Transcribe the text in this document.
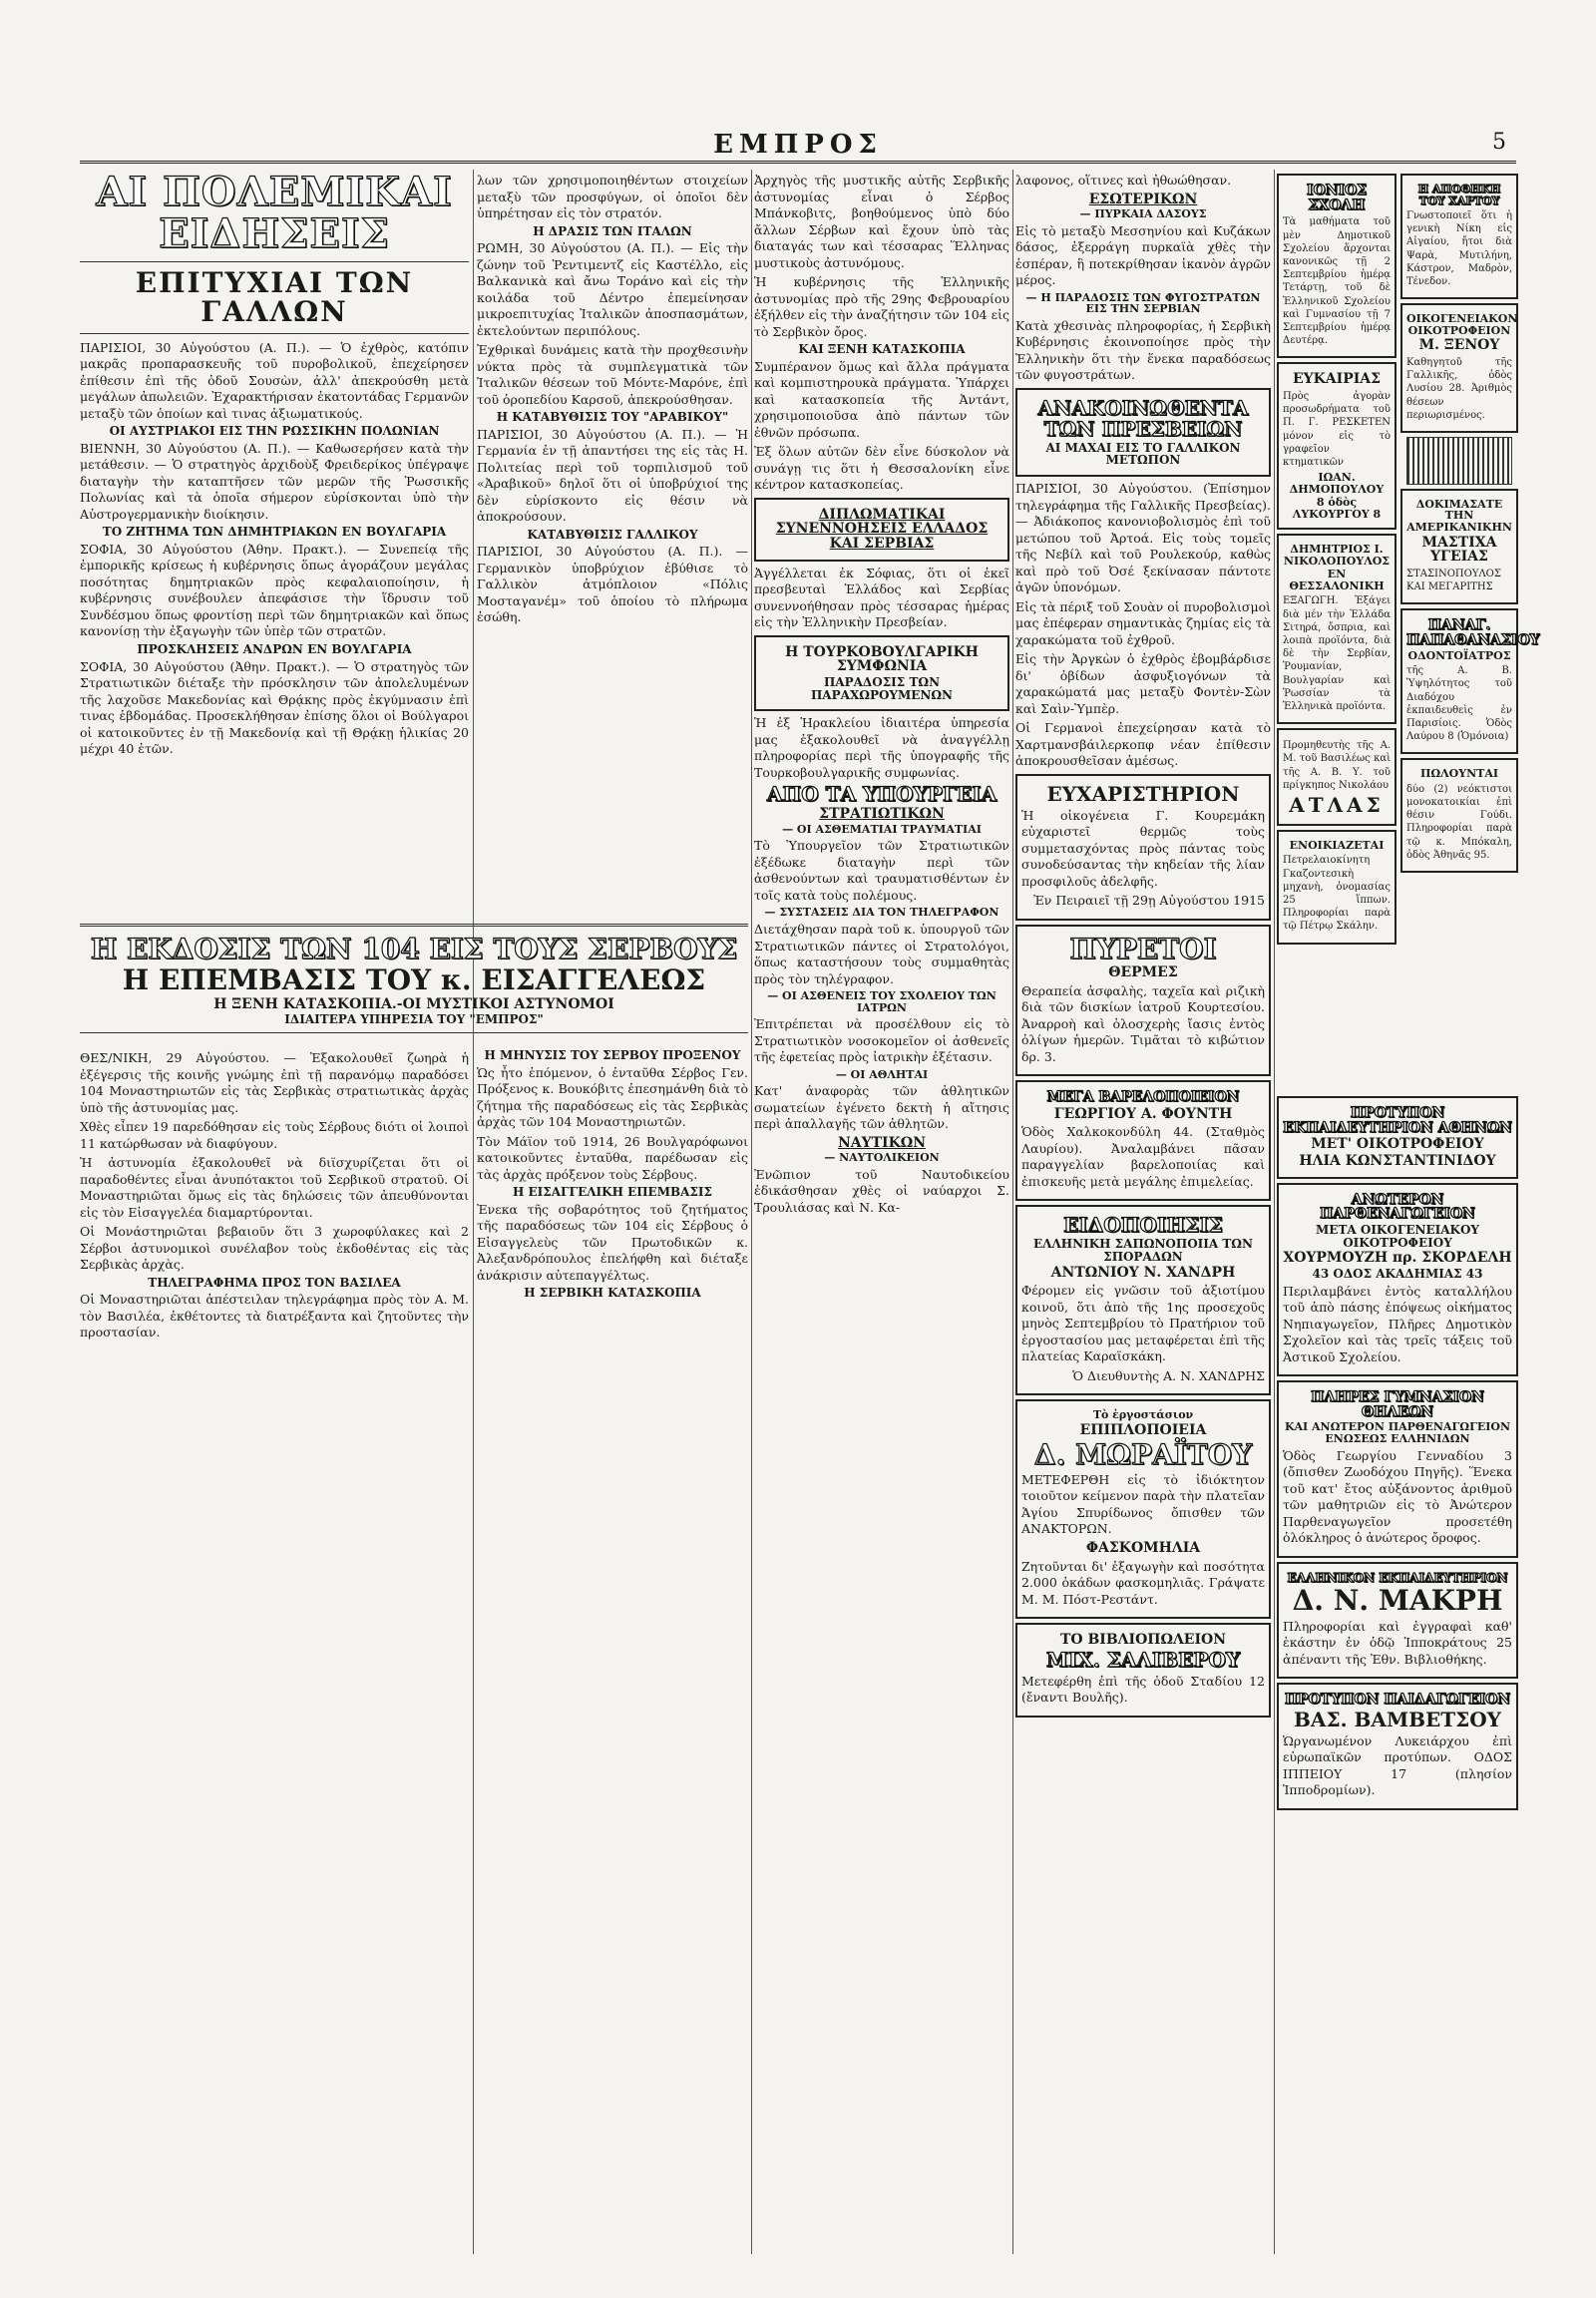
ΕΜΠΡΟΣ	5
ΑΙ ΠΟΛΕΜΙΚΑΙ ΕΙΔΗΣΕΙΣ
ΕΠΙΤΥΧΙΑΙ ΤΩΝ ΓΑΛΛΩΝ

ΠΑΡΙΣΙΟΙ, 30 Αὐγούστου (Α. Π.). — Ὁ ἐχθρὸς, κατόπιν μακρᾶς προπαρασκευῆς τοῦ πυροβολικοῦ, ἐπεχείρησεν ἐπίθεσιν ἐπὶ τῆς ὁδοῦ Σουσὼν, ἀλλ' ἀπεκρούσθη μετὰ μεγάλων ἀπωλειῶν. Ἐχαρακτήρισαν ἐκατοντάδας Γερμανῶν μεταξὺ τῶν ὁποίων καὶ τινας ἀξιωματικούς.

ΟΙ ΑΥΣΤΡΙΑΚΟΙ ΕΙΣ ΤΗΝ ΡΩΣΣΙΚΗΝ ΠΟΛΩΝΙΑΝ

ΒΙΕΝΝΗ, 30 Αὐγούστου (Α. Π.). — Καθωσερήσεν κατὰ τὴν μετάθεσιν. — Ὁ στρατηγὸς ἀρχιδοὺξ Φρειδερίκος ὑπέγραψε διαταγὴν τὴν καταπτῆσεν τῶν μερῶν τῆς Ῥωσσικῆς Πολωνίας καὶ τὰ ὁποῖα σήμερον εὑρίσκονται ὑπὸ τὴν Αὐστρογερμανικὴν διοίκησιν.

ΤΟ ΖΗΤΗΜΑ ΤΩΝ ΔΗΜΗΤΡΙΑΚΩΝ ΕΝ ΒΟΥΛΓΑΡΙΑ

ΣΟΦΙΑ, 30 Αὐγούστου (Ἀθην. Πρακτ.). — Συνεπείᾳ τῆς ἐμπορικῆς κρίσεως ἡ κυβέρνησις ὅπως ἀγοράζουν μεγάλας ποσότητας δημητριακῶν πρὸς κεφαλαιοποίησιν, ἡ κυβέρνησις συνέβουλεν ἀπεφάσισε τὴν ἵδρυσιν τοῦ Συνδέσμου ὅπως φροντίσῃ περὶ τῶν δημητριακῶν καὶ ὅπως κανονίσῃ τὴν ἐξαγωγὴν τῶν ὑπὲρ τῶν στρατῶν.

ΠΡΟΣΚΛΗΣΕΙΣ ΑΝΔΡΩΝ ΕΝ ΒΟΥΛΓΑΡΙΑ

ΣΟΦΙΑ, 30 Αὐγούστου (Ἀθην. Πρακτ.). — Ὁ στρατηγὸς τῶν Στρατιωτικῶν διέταξε τὴν πρόσκλησιν τῶν ἀπολελυμένων τῆς λαχοῦσε Μακεδονίας καὶ Θρᾴκης πρὸς ἐκγύμνασιν ἐπὶ τινας ἑβδομάδας. Προσεκλήθησαν ἐπίσης ὅλοι οἱ Βούλγαροι οἱ κατοικοῦντες ἐν τῇ Μακεδονίᾳ καὶ τῇ Θρᾴκῃ ἡλικίας 20 μέχρι 40 ἐτῶν.

λων τῶν χρησιμοποιηθέντων στοιχείων μεταξὺ τῶν προσφύγων, οἱ ὁποῖοι δὲν ὑπηρέτησαν εἰς τὸν στρατόν.

Η ΔΡΑΣΙΣ ΤΩΝ ΙΤΑΛΩΝ

ΡΩΜΗ, 30 Αὐγούστου (Α. Π.). — Εἰς τὴν ζώνην τοῦ Ῥεντιμεντζ εἰς Καστέλλο, εἰς Βαλκανικὰ καὶ ἄνω Τοράνο καὶ εἰς τὴν κοιλάδα τοῦ Δέντρο ἐπεμείνησαν μικροεπιτυχίας Ἰταλικῶν ἀποσπασμάτων, ἐκτελούντων περιπόλους.

Ἐχθρικαὶ δυνάμεις κατὰ τὴν προχθεσινὴν νύκτα πρὸς τὰ συμπλεγματικὰ τῶν Ἰταλικῶν θέσεων τοῦ Μόντε-Μαρόνε, ἐπὶ τοῦ ὁροπεδίου Καρσοῦ, ἀπεκρούσθησαν.

Η ΚΑΤΑΒΥΘΙΣΙΣ ΤΟΥ "ΑΡΑΒΙΚΟΥ"

ΠΑΡΙΣΙΟΙ, 30 Αὐγούστου (Α. Π.). — Ἡ Γερμανία ἐν τῇ ἀπαντήσει της εἰς τὰς Η. Πολιτείας περὶ τοῦ τορπιλισμοῦ τοῦ «Ἀραβικοῦ» δηλοῖ ὅτι οἱ ὑποβρύχιοί της δὲν εὑρίσκοντο εἰς θέσιν νὰ ἀποκρούσουν.

ΚΑΤΑΒΥΘΙΣΙΣ ΓΑΛΛΙΚΟΥ

ΠΑΡΙΣΙΟΙ, 30 Αὐγούστου (Α. Π.). — Γερμανικὸν ὑποβρύχιον ἐβύθισε τὸ Γαλλικὸν ἀτμόπλοιον «Πόλις Μοσταγανέμ» τοῦ ὁποίου τὸ πλήρωμα ἐσώθη.

Η ΕΚΔΟΣΙΣ ΤΩΝ 104 ΕΙΣ ΤΟΥΣ ΣΕΡΒΟΥΣ
Η ΕΠΕΜΒΑΣΙΣ ΤΟΥ κ. ΕΙΣΑΓΓΕΛΕΩΣ
Η ΞΕΝΗ ΚΑΤΑΣΚΟΠΙΑ.-ΟΙ ΜΥΣΤΙΚΟΙ ΑΣΤΥΝΟΜΟΙ
ΙΔΙΑΙΤΕΡΑ ΥΠΗΡΕΣΙΑ ΤΟΥ "ΕΜΠΡΟΣ"

ΘΕΣ/ΝΙΚΗ, 29 Αὐγούστου. — Ἐξακολουθεῖ ζωηρὰ ἡ ἐξέγερσις τῆς κοινῆς γνώμης ἐπὶ τῇ παρανόμῳ παραδόσει 104 Μοναστηριωτῶν εἰς τὰς Σερβικὰς στρατιωτικὰς ἀρχὰς ὑπὸ τῆς ἀστυνομίας μας.

Χθὲς εἶπεν 19 παρεδόθησαν εἰς τοὺς Σέρβους διότι οἱ λοιποὶ 11 κατώρθωσαν νὰ διαφύγουν.

Ἡ ἀστυνομία ἐξακολουθεῖ νὰ διϊσχυρίζεται ὅτι οἱ παραδοθέντες εἶναι ἀνυπότακτοι τοῦ Σερβικοῦ στρατοῦ. Οἱ Μοναστηριῶται ὅμως εἰς τὰς δηλώσεις τῶν ἀπευθύνονται εἰς τὸν Εἰσαγγελέα διαμαρτύρονται.

Οἱ Μονάστηριῶται βεβαιοῦν ὅτι 3 χωροφύλακες καὶ 2 Σέρβοι ἀστυνομικοὶ συνέλαβον τοὺς ἐκδοθέντας εἰς τὰς Σερβικὰς ἀρχὰς.

ΤΗΛΕΓΡΑΦΗΜΑ ΠΡΟΣ ΤΟΝ ΒΑΣΙΛΕΑ

Οἱ Μοναστηριῶται ἀπέστειλαν τηλεγράφημα πρὸς τὸν Α. Μ. τὸν Βασιλέα, ἐκθέτοντες τὰ διατρέξαντα καὶ ζητοῦντες τὴν προστασίαν.

Η ΜΗΝΥΣΙΣ ΤΟΥ ΣΕΡΒΟΥ ΠΡΟΞΕΝΟΥ

Ὡς ἦτο ἑπόμενον, ὁ ἐνταῦθα Σέρβος Γεν. Πρόξενος κ. Βουκόβιτς ἐπεσημάνθη διὰ τὸ ζήτημα τῆς παραδόσεως εἰς τὰς Σερβικὰς ἀρχὰς τῶν 104 Μοναστηριωτῶν.

Τὸν Μάϊον τοῦ 1914, 26 Βουλγαρόφωνοι κατοικοῦντες ἐνταῦθα, παρέδωσαν εἰς τὰς ἀρχὰς πρόξενον τοὺς Σέρβους.

Η ΕΙΣΑΓΓΕΛΙΚΗ ΕΠΕΜΒΑΣΙΣ

Ἐνεκα τῆς σοβαρότητος τοῦ ζητήματος τῆς παραδόσεως τῶν 104 εἰς Σέρβους ὁ Εἰσαγγελεὺς τῶν Πρωτοδικῶν κ. Ἀλεξανδρόπουλος ἐπελήφθη καὶ διέταξε ἀνάκρισιν αὐτεπαγγέλτως.

Η ΣΕΡΒΙΚΗ ΚΑΤΑΣΚΟΠΙΑ

Ἀρχηγὸς τῆς μυστικῆς αὐτῆς Σερβικῆς ἀστυνομίας εἶναι ὁ Σέρβος Μπάνκοβιτς, βοηθούμενος ὑπὸ δύο ἄλλων Σέρβων καὶ ἔχουν ὑπὸ τὰς διαταγάς των καὶ τέσσαρας Ἕλληνας μυστικοὺς ἀστυνόμους.

Ἡ κυβέρνησις τῆς Ἑλληνικῆς ἀστυνομίας πρὸ τῆς 29ης Φεβρουαρίου ἐξήλθεν εἰς τὴν ἀναζήτησιν τῶν 104 εἰς τὸ Σερβικὸν ὄρος.

ΚΑΙ ΞΕΝΗ ΚΑΤΑΣΚΟΠΙΑ

Συμπέρανον ὅμως καὶ ἄλλα πράγματα καὶ κομπιστηρουκὰ πράγματα. Ὑπάρχει καὶ κατασκοπεία τῆς Ἀντάντ, χρησιμοποιοῦσα ἀπὸ πάντων τῶν ἐθνῶν πρόσωπα.

Ἐξ ὅλων αὐτῶν δὲν εἶνε δύσκολον νὰ συνάγῃ τις ὅτι ἡ Θεσσαλονίκη εἶνε κέντρον κατασκοπείας.

ΔΙΠΛΩΜΑΤΙΚΑΙ ΣΥΝΕΝΝΟΗΣΕΙΣ ΕΛΛΑΔΟΣ ΚΑΙ ΣΕΡΒΙΑΣ

Ἀγγέλλεται ἐκ Σόφιας, ὅτι οἱ ἐκεῖ πρεσβευταὶ Ἑλλάδος καὶ Σερβίας συνεννοήθησαν πρὸς τέσσαρας ἡμέρας εἰς τὴν Ἑλληνικὴν Πρεσβείαν.

Η ΤΟΥΡΚΟΒΟΥΛΓΑΡΙΚΗ ΣΥΜΦΩΝΙΑ
ΠΑΡΑΔΟΣΙΣ ΤΩΝ ΠΑΡΑΧΩΡΟΥΜΕΝΩΝ

Ἡ ἐξ Ἡρακλείου ἰδιαιτέρα ὑπηρεσία μας ἐξακολουθεῖ νὰ ἀναγγέλλῃ πληροφορίας περὶ τῆς ὑπογραφῆς τῆς Τουρκοβουλγαρικῆς συμφωνίας.

ΑΠΟ ΤΑ ΥΠΟΥΡΓΕΙΑ
ΣΤΡΑΤΙΩΤΙΚΩΝ
— ΟΙ ΑΣΘΕΜΑΤΙΑΙ ΤΡΑΥΜΑΤΙΑΙ

Τὸ Ὑπουργεῖον τῶν Στρατιωτικῶν ἐξέδωκε διαταγὴν περὶ τῶν ἀσθενούντων καὶ τραυματισθέντων ἐν τοῖς κατὰ τοὺς πολέμους.

— ΣΥΣΤΑΣΕΙΣ ΔΙΑ ΤΟΝ ΤΗΛΕΓΡΑΦΟΝ

Διετάχθησαν παρὰ τοῦ κ. ὑπουργοῦ τῶν Στρατιωτικῶν πάντες οἱ Στρατολόγοι, ὅπως καταστήσουν τοὺς συμμαθητὰς πρὸς τὸν τηλέγραφον.

— ΟΙ ΑΣΘΕΝΕΙΣ ΤΟΥ ΣΧΟΛΕΙΟΥ ΤΩΝ ΙΑΤΡΩΝ

Ἐπιτρέπεται νὰ προσέλθουν εἰς τὸ Στρατιωτικὸν νοσοκομεῖον οἱ ἀσθενεῖς τῆς ἐφετείας πρὸς ἰατρικὴν ἐξέτασιν.

— ΟΙ ΑΘΛΗΤΑΙ

Κατ' ἀναφορὰς τῶν ἀθλητικῶν σωματείων ἐγένετο δεκτὴ ἡ αἴτησις περὶ ἀπαλλαγῆς τῶν ἀθλητῶν.

ΝΑΥΤΙΚΩΝ
— ΝΑΥΤΟΛΙΚΕΙΟΝ

Ἐνῶπιον τοῦ Ναυτοδικείου ἐδικάσθησαν χθὲς οἱ ναύαρχοι Σ. Τρουλιάσας καὶ Ν. Κα-

λαφονος, οἵτινες καὶ ἠθωώθησαν.

ΕΣΩΤΕΡΙΚΩΝ
— ΠΥΡΚΑΙΑ ΔΑΣΟΥΣ

Εἰς τὸ μεταξὺ Μεσσηνίου καὶ Κυζάκων δάσος, ἐξερράγη πυρκαϊὰ χθὲς τὴν ἑσπέραν, ἣ ποτεκρίθησαν ἱκανὸν ἀγρῶν μέρος.

— Η ΠΑΡΑΔΟΣΙΣ ΤΩΝ ΦΥΓΟΣΤΡΑΤΩΝ ΕΙΣ ΤΗΝ ΣΕΡΒΙΑΝ

Κατὰ χθεσινὰς πληροφορίας, ἡ Σερβικὴ Κυβέρνησις ἐκοινοποίησε πρὸς τὴν Ἑλληνικὴν ὅτι τὴν ἕνεκα παραδόσεως τῶν φυγοστράτων.

ΑΝΑΚΟΙΝΩΘΕΝΤΑ ΤΩΝ ΠΡΕΣΒΕΙΩΝ
ΑΙ ΜΑΧΑΙ ΕΙΣ ΤΟ ΓΑΛΛΙΚΟΝ ΜΕΤΩΠΟΝ

ΠΑΡΙΣΙΟΙ, 30 Αὐγούστου. (Ἐπίσημον τηλεγράφημα τῆς Γαλλικῆς Πρεσβείας). — Ἀδιάκοπος κανονιοβολισμὸς ἐπὶ τοῦ μετώπου τοῦ Ἀρτοά. Εἰς τοὺς τομεῖς τῆς Νεβίλ καὶ τοῦ Ρουλεκούρ, καθὼς καὶ πρὸ τοῦ Ὀσέ ξεκίνασαν πάντοτε ἀγῶν ὑπονόμων.

Εἰς τὰ πέριξ τοῦ Σουὰν οἱ πυροβολισμοὶ μας ἐπέφεραν σημαντικὰς ζημίας εἰς τὰ χαρακώματα τοῦ ἐχθροῦ.

Εἰς τὴν Ἀργκὼν ὁ ἐχθρὸς ἐβομβάρδισε δι' ὀβίδων ἀσφυξιογόνων τὰ χαρακώματά μας μεταξὺ Φοντὲν-Σὼν καὶ Σαὶν-Ὑμπὲρ.

Οἱ Γερμανοὶ ἐπεχείρησαν κατὰ τὸ Χαρτμανσβάιλερκοπφ νέαν ἐπίθεσιν ἀποκρουσθεῖσαν ἀμέσως.

ΕΥΧΑΡΙΣΤΗΡΙΟΝ

Ἡ οἰκογένεια Γ. Κουρεμάκη εὐχαριστεῖ θερμῶς τοὺς συμμετασχόντας πρὸς πάντας τοὺς συνοδεύσαντας τὴν κηδείαν τῆς λίαν προσφιλοῦς ἀδελφῆς.

Ἐν Πειραιεῖ τῇ 29ῃ Αὐγούστου 1915

ΠΥΡΕΤΟΙ
ΘΕΡΜΕΣ

Θεραπεία ἀσφαλὴς, ταχεῖα καὶ ριζικὴ διὰ τῶν δισκίων ἰατροῦ Κουρτεσίου. Ἀναρροὴ καὶ ὁλοσχερὴς ἴασις ἐντὸς ὀλίγων ἡμερῶν. Τιμᾶται τὸ κιβώτιον δρ. 3.

ΜΕΓΑ ΒΑΡΕΛΟΠΟΙΕΙΟΝ
ΓΕΩΡΓΙΟΥ Α. ΦΟΥΝΤΗ

Ὁδὸς Χαλκοκονδύλη 44. (Σταθμὸς Λαυρίου). Ἀναλαμβάνει πᾶσαν παραγγελίαν βαρελοποιίας καὶ ἐπισκευῆς μετὰ μεγάλης ἐπιμελείας.

ΕΙΔΟΠΟΙΗΣΙΣ
ΕΛΛΗΝΙΚΗ ΣΑΠΩΝΟΠΟΙΙΑ ΤΩΝ ΣΠΟΡΑΔΩΝ
ΑΝΤΩΝΙΟΥ Ν. ΧΑΝΔΡΗ

Φέρομεν εἰς γνῶσιν τοῦ ἀξιοτίμου κοινοῦ, ὅτι ἀπὸ τῆς 1ης προσεχοῦς μηνὸς Σεπτεμβρίου τὸ Πρατήριον τοῦ ἐργοστασίου μας μεταφέρεται ἐπὶ τῆς πλατείας Καραϊσκάκη.

Ὁ Διευθυντὴς Α. Ν. ΧΑΝΔΡΗΣ

Τὸ ἐργοστάσιον
ΕΠΙΠΛΟΠΟΙΕΙΑ
Δ. ΜΩΡΑΪΤΟΥ

ΜΕΤΕΦΕΡΘΗ εἰς τὸ ἰδιόκτητον τοιοῦτον κείμενον παρὰ τὴν πλατεῖαν Ἁγίου Σπυρίδωνος ὄπισθεν τῶν ΑΝΑΚΤΟΡΩΝ.

ΦΑΣΚΟΜΗΛΙΑ

Ζητοῦνται δι' ἐξαγωγὴν καὶ ποσότητα 2.000 ὀκάδων φασκομηλιᾶς. Γράψατε Μ. Μ. Πόστ-Ρεστάντ.

ΤΟ ΒΙΒΛΙΟΠΩΛΕΙΟΝ
ΜΙΧ. ΣΑΛΙΒΕΡΟΥ

Μετεφέρθη ἐπὶ τῆς ὁδοῦ Σταδίου 12 (ἔναντι Βουλῆς).

ΙΟΝΙΟΣ ΣΧΟΛΗ

Τὰ μαθήματα τοῦ μὲν Δημοτικοῦ Σχολείου ἄρχονται κανονικῶς τῇ 2 Σεπτεμβρίου ἡμέρᾳ Τετάρτῃ, τοῦ δὲ Ἑλληνικοῦ Σχολείου καὶ Γυμνασίου τῇ 7 Σεπτεμβρίου ἡμέρᾳ Δευτέρᾳ.

ΕΥΚΑΙΡΙΑΣ

Πρὸς ἀγορὰν προσωδρήματα τοῦ Π. Γ. ΡΕΣΚΕΤΕΝ μόνον εἰς τὸ γραφεῖον κτηματικῶν

ΙΩΑΝ. ΔΗΜΟΠΟΥΛΟΥ
8 ὁδὸς ΛΥΚΟΥΡΓΟΥ 8
ΔΗΜΗΤΡΙΟΣ Ι. ΝΙΚΟΛΟΠΟΥΛΟΣ
ΕΝ ΘΕΣΣΑΛΟΝΙΚΗ

ΕΞΑΓΩΓΗ. Ἐξάγει διὰ μέν τὴν Ἑλλάδα Σιτηρά, ὄσπρια, καὶ λοιπὰ προϊόντα, διὰ δὲ τὴν Σερβίαν, Ῥουμανίαν, Βουλγαρίαν καὶ Ῥωσσίαν τὰ Ἑλληνικὰ προϊόντα.

Προμηθευτὴς τῆς Α. Μ. τοῦ Βασιλέως καὶ τῆς Α. Β. Υ. τοῦ πρίγκηπος Νικολάου

ΑΤΛΑΣ
ΕΝΟΙΚΙΑΖΕΤΑΙ

Πετρελαιοκίνητη Γκαζοντεσικὴ μηχανὴ, ὀνομασίας 25 ἵππων. Πληροφορίαι παρὰ τῷ Πέτρῳ Σκάλην.

Η ΑΠΟΘΗΚΗ ΤΟΥ ΧΑΡΤΟΥ

Γνωστοποιεῖ ὅτι ἡ γενικὴ Νίκη εἰς Αἰγαίου, ἤτοι διὰ Ψαρὰ, Μυτιλήνη, Κάστρον, Μαδρὸν, Τένεδον.

ΟΙΚΟΓΕΝΕΙΑΚΟΝ ΟΙΚΟΤΡΟΦΕΙΟΝ
Μ. ΞΕΝΟΥ

Καθηγητοῦ τῆς Γαλλικῆς, ὁδὸς Λυσίου 28. Ἀριθμὸς θέσεων περιωρισμένος.

ΔΟΚΙΜΑΣΑΤΕ ΤΗΝ ΑΜΕΡΙΚΑΝΙΚΗΝ
ΜΑΣΤΙΧΑ ΥΓΕΙΑΣ

ΣΤΑΣΙΝΟΠΟΥΛΟΣ ΚΑΙ ΜΕΓΑΡΙΤΗΣ

ΠΑΝΑΓ. ΠΑΠΑΘΑΝΑΣΙΟΥ
ΟΔΟΝΤΟΪΑΤΡΟΣ

τῆς Α. Β. Ὑψηλότητος τοῦ Διαδόχου ἐκπαιδευθεὶς ἐν Παρισίοις. Ὁδὸς Λαύρου 8 (Ὁμόνοια)

ΠΩΛΟΥΝΤΑΙ

δύο (2) νεόκτιστοι μονοκατοικίαι ἐπὶ θέσιν Γούδι. Πληροφορίαι παρὰ τῷ κ. Μπόκαλη, ὁδὸς Ἀθηνᾶς 95.

ΠΡΟΤΥΠΟΝ ΕΚΠΑΙΔΕΥΤΗΡΙΟΝ ΑΘΗΝΩΝ
ΜΕΤ' ΟΙΚΟΤΡΟΦΕΙΟΥ
ΗΛΙΑ ΚΩΝΣΤΑΝΤΙΝΙΔΟΥ
ΑΝΩΤΕΡΟΝ ΠΑΡΘΕΝΑΓΩΓΕΙΟΝ
ΜΕΤΑ ΟΙΚΟΓΕΝΕΙΑΚΟΥ ΟΙΚΟΤΡΟΦΕΙΟΥ
ΧΟΥΡΜΟΥΖΗ πρ. ΣΚΟΡΔΕΛΗ
43 ΟΔΟΣ ΑΚΑΔΗΜΙΑΣ 43

Περιλαμβάνει ἐντὸς καταλλήλου τοῦ ἀπὸ πάσης ἐπόψεως οἰκήματος Νηπιαγωγεῖον, Πλῆρες Δημοτικὸν Σχολεῖον καὶ τὰς τρεῖς τάξεις τοῦ Ἀστικοῦ Σχολείου.

ΠΛΗΡΕΣ ΓΥΜΝΑΣΙΟΝ ΘΗΛΕΩΝ
ΚΑΙ ΑΝΩΤΕΡΟΝ ΠΑΡΘΕΝΑΓΩΓΕΙΟΝ ΕΝΩΣΕΩΣ ΕΛΛΗΝΙΔΩΝ

Ὁδὸς Γεωργίου Γενναδίου 3 (ὄπισθεν Ζωοδόχου Πηγῆς). Ἕνεκα τοῦ κατ' ἔτος αὐξάνοντος ἀριθμοῦ τῶν μαθητριῶν εἰς τὸ Ἀνώτερον Παρθεναγωγεῖον προσετέθη ὁλόκληρος ὁ ἀνώτερος ὄροφος.

ΕΛΛΗΝΙΚΟΝ ΕΚΠΑΙΔΕΥΤΗΡΙΟΝ
Δ. Ν. ΜΑΚΡΗ

Πληροφορίαι καὶ ἐγγραφαὶ καθ' ἑκάστην ἐν ὁδῷ Ἱπποκράτους 25 ἀπέναντι τῆς Ἐθν. Βιβλιοθήκης.

ΠΡΟΤΥΠΟΝ ΠΑΙΔΑΓΩΓΕΙΟΝ
ΒΑΣ. ΒΑΜΒΕΤΣΟΥ

Ὡργανωμένον Λυκειάρχου ἐπὶ εὐρωπαϊκῶν προτύπων. ΟΔΟΣ ΙΠΠΕΙΟΥ 17 (πλησίον Ἱπποδρομίων).
